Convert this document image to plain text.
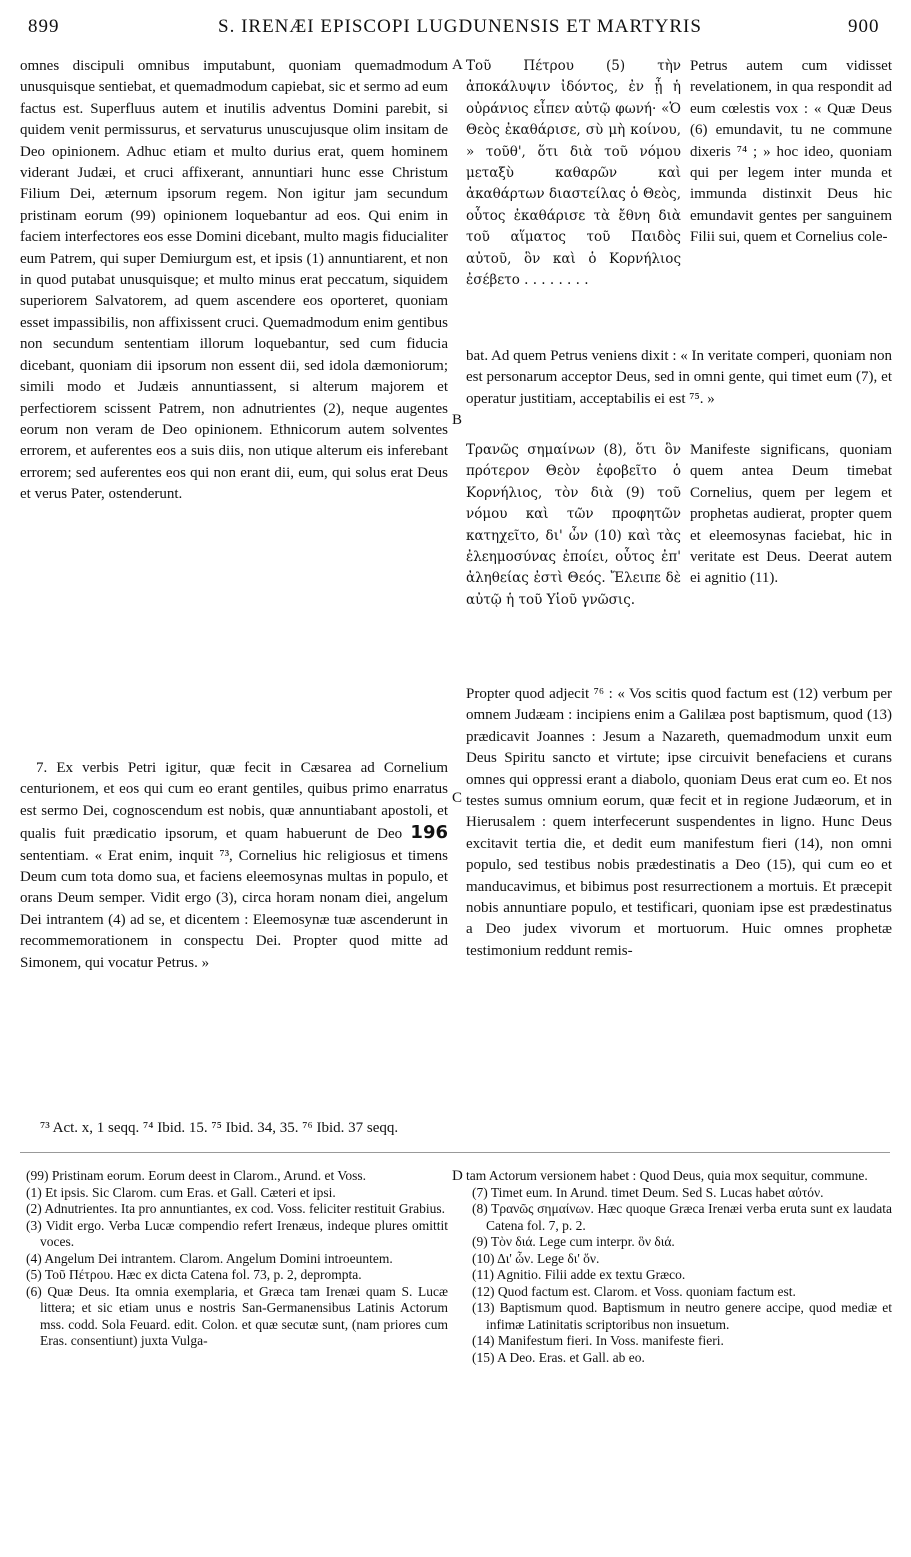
899	S. IRENÆI EPISCOPI LUGDUNENSIS ET MARTYRIS	900

omnes discipuli omnibus imputabunt, quoniam quemadmodum unusquisque sentiebat, et quemadmodum capiebat, sic et sermo ad eum factus est. Superfluus autem et inutilis adventus Domini parebit, si quidem venit permissurus, et servaturus unuscujusque olim insitam de Deo opinionem. Adhuc etiam et multo durius erat, quem hominem viderant Judæi, et cruci affixerant, annuntiari hunc esse Christum Filium Dei, æternum ipsorum regem. Non igitur jam secundum pristinam eorum (99) opinionem loquebantur ad eos. Qui enim in faciem interfectores eos esse Domini dicebant, multo magis fiducialiter eum Patrem, qui super Demiurgum est, et ipsis (1) annuntiarent, et non in quod putabat unusquisque; et multo minus erat peccatum, siquidem superiorem Salvatorem, ad quem ascendere eos oporteret, quoniam esset impassibilis, non affixissent cruci. Quemadmodum enim gentibus non secundum sententiam illorum loquebantur, sed cum fiducia dicebant, quoniam dii ipsorum non essent dii, sed idola dæmoniorum; simili modo et Judæis annuntiassent, si alterum majorem et perfectiorem scissent Patrem, non adnutrientes (2), neque augentes eorum non veram de Deo opinionem. Ethnicorum autem solventes errorem, et auferentes eos a suis diis, non utique alterum eis inferebant errorem; sed auferentes eos qui non erant dii, eum, qui solus erat Deus et verus Pater, ostenderunt.

7. Ex verbis Petri igitur, quæ fecit in Cæsarea ad Cornelium centurionem, et eos qui cum eo erant gentiles, quibus primo enarratus est sermo Dei, cognoscendum est nobis, quæ annuntiabant apostoli, et qualis fuit prædicatio ipsorum, et quam habuerunt de Deo 196 sententiam. « Erat enim, inquit ⁷³, Cornelius hic religiosus et timens Deum cum tota domo sua, et faciens eleemosynas multas in populo, et orans Deum semper. Vidit ergo (3), circa horam nonam diei, angelum Dei intrantem (4) ad se, et dicentem : Eleemosynæ tuæ ascenderunt in recommemorationem in conspectu Dei. Propter quod mitte ad Simonem, qui vocatur Petrus. »

A
B
C
D

Τοῦ Πέτρου (5) τὴν ἀποκάλυψιν ἰδόντος, ἐν ᾗ ἡ οὐράνιος εἶπεν αὐτῷ φωνή· «Ὁ Θεὸς ἐκαθάρισε, σὺ μὴ κοίνου, » τοῦθ', ὅτι διὰ τοῦ νόμου μεταξὺ καθαρῶν καὶ ἀκαθάρτων διαστείλας ὁ Θεὸς, οὗτος ἐκαθάρισε τὰ ἔθνη διὰ τοῦ αἵματος τοῦ Παιδὸς αὐτοῦ, ὃν καὶ ὁ Κορνήλιος ἐσέβετο . . . . . . . .

Petrus autem cum vidisset revelationem, in qua respondit ad eum cœlestis vox : « Quæ Deus (6) emundavit, tu ne commune dixeris ⁷⁴ ; » hoc ideo, quoniam qui per legem inter munda et immunda distinxit Deus hic emundavit gentes per sanguinem Filii sui, quem et Cornelius cole-

bat. Ad quem Petrus veniens dixit : « In veritate comperi, quoniam non est personarum acceptor Deus, sed in omni gente, qui timet eum (7), et operatur justitiam, acceptabilis ei est ⁷⁵. »

Τρανῶς σημαίνων (8), ὅτι ὃν πρότερον Θεὸν ἐφοβεῖτο ὁ Κορνήλιος, τὸν διὰ (9) τοῦ νόμου καὶ τῶν προφητῶν κατηχεῖτο, δι' ὧν (10) καὶ τὰς ἐλεημοσύνας ἐποίει, οὗτος ἐπ' ἀληθείας ἐστὶ Θεός. Ἔλειπε δὲ αὐτῷ ἡ τοῦ Υἱοῦ γνῶσις.

Manifeste significans, quoniam quem antea Deum timebat Cornelius, quem per legem et prophetas audierat, propter quem et eleemosynas faciebat, hic in veritate est Deus. Deerat autem ei agnitio (11).

Propter quod adjecit ⁷⁶ : « Vos scitis quod factum est (12) verbum per omnem Judæam : incipiens enim a Galilæa post baptismum, quod (13) prædicavit Joannes : Jesum a Nazareth, quemadmodum unxit eum Deus Spiritu sancto et virtute; ipse circuivit benefaciens et curans omnes qui oppressi erant a diabolo, quoniam Deus erat cum eo. Et nos testes sumus omnium eorum, quæ fecit et in regione Judæorum, et in Hierusalem : quem interfecerunt suspendentes in ligno. Hunc Deus excitavit tertia die, et dedit eum manifestum fieri (14), non omni populo, sed testibus nobis prædestinatis a Deo (15), qui cum eo et manducavimus, et bibimus post resurrectionem a mortuis. Et præcepit nobis annuntiare populo, et testificari, quoniam ipse est prædestinatus a Deo judex vivorum et mortuorum. Huic omnes prophetæ testimonium reddunt remis-

⁷³ Act. x, 1 seqq. ⁷⁴ Ibid. 15. ⁷⁵ Ibid. 34, 35. ⁷⁶ Ibid. 37 seqq.
(99) Pristinam eorum. Eorum deest in Clarom., Arund. et Voss.
(1) Et ipsis. Sic Clarom. cum Eras. et Gall. Cæteri et ipsi.
(2) Adnutrientes. Ita pro annuntiantes, ex cod. Voss. feliciter restituit Grabius.
(3) Vidit ergo. Verba Lucæ compendio refert Irenæus, indeque plures omittit voces.
(4) Angelum Dei intrantem. Clarom. Angelum Domini introeuntem.
(5) Τοῦ Πέτρου. Hæc ex dicta Catena fol. 73, p. 2, deprompta.
(6) Quæ Deus. Ita omnia exemplaria, et Græca tam Irenæi quam S. Lucæ littera; et sic etiam unus e nostris San-Germanensibus Latinis Actorum mss. codd. Sola Feuard. edit. Colon. et quæ secutæ sunt, (nam priores cum Eras. consentiunt) juxta Vulga-
tam Actorum versionem habet : Quod Deus, quia mox sequitur, commune.
(7) Timet eum. In Arund. timet Deum. Sed S. Lucas habet αὐτόν.
(8) Τρανῶς σημαίνων. Hæc quoque Græca Irenæi verba eruta sunt ex laudata Catena fol. 7, p. 2.
(9) Τὸν διά. Lege cum interpr. ὃν διά.
(10) Δι' ὧν. Lege δι' ὅν.
(11) Agnitio. Filii adde ex textu Græco.
(12) Quod factum est. Clarom. et Voss. quoniam factum est.
(13) Baptismum quod. Baptismum in neutro genere accipe, quod mediæ et infimæ Latinitatis scriptoribus non insuetum.
(14) Manifestum fieri. In Voss. manifeste fieri.
(15) A Deo. Eras. et Gall. ab eo.
